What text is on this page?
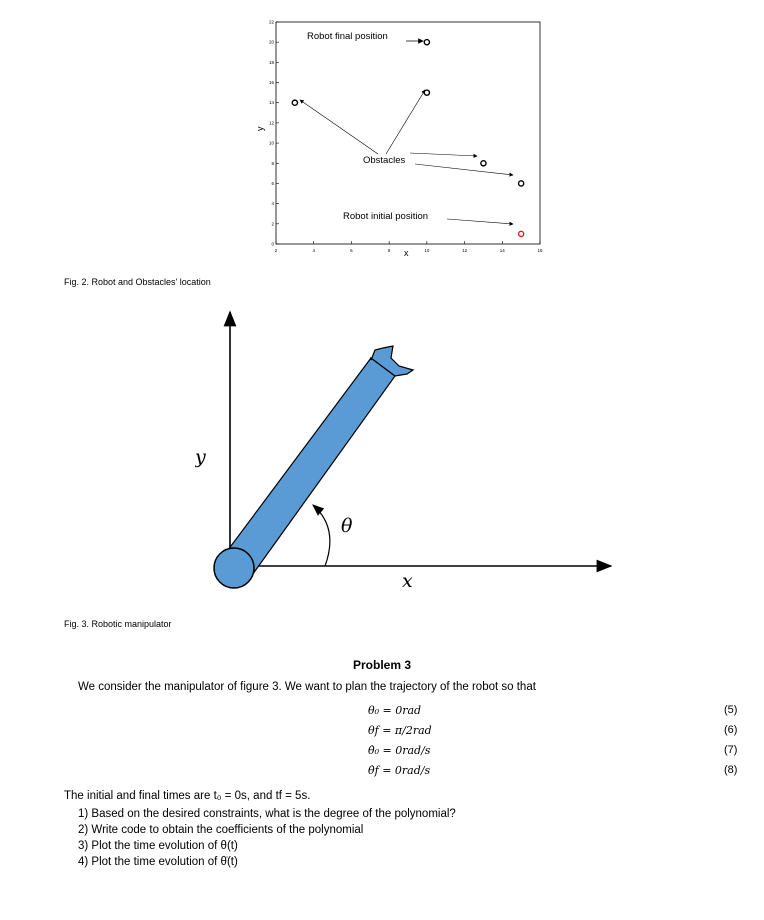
2	4	6	8	10	12	14	16
0
2
4
6
8
10
12
14
16
18
20
22
Robot final position
Obstacles
Robot initial position
x
y
Fig. 2. Robot and Obstacles' location
y
x
θ
Fig. 3. Robotic manipulator
Problem 3
We consider the manipulator of figure 3. We want to plan the trajectory of the robot so that
θ₀ = 0rad	(5)
θf = π/2rad	(6)
θ̇₀ = 0rad/s	(7)
θ̇f = 0rad/s	(8)
The initial and final times are t₀ = 0s, and tf = 5s.
1) Based on the desired constraints, what is the degree of the polynomial?
2) Write code to obtain the coefficients of the polynomial
3) Plot the time evolution of θ(t)
4) Plot the time evolution of θ̇(t)
